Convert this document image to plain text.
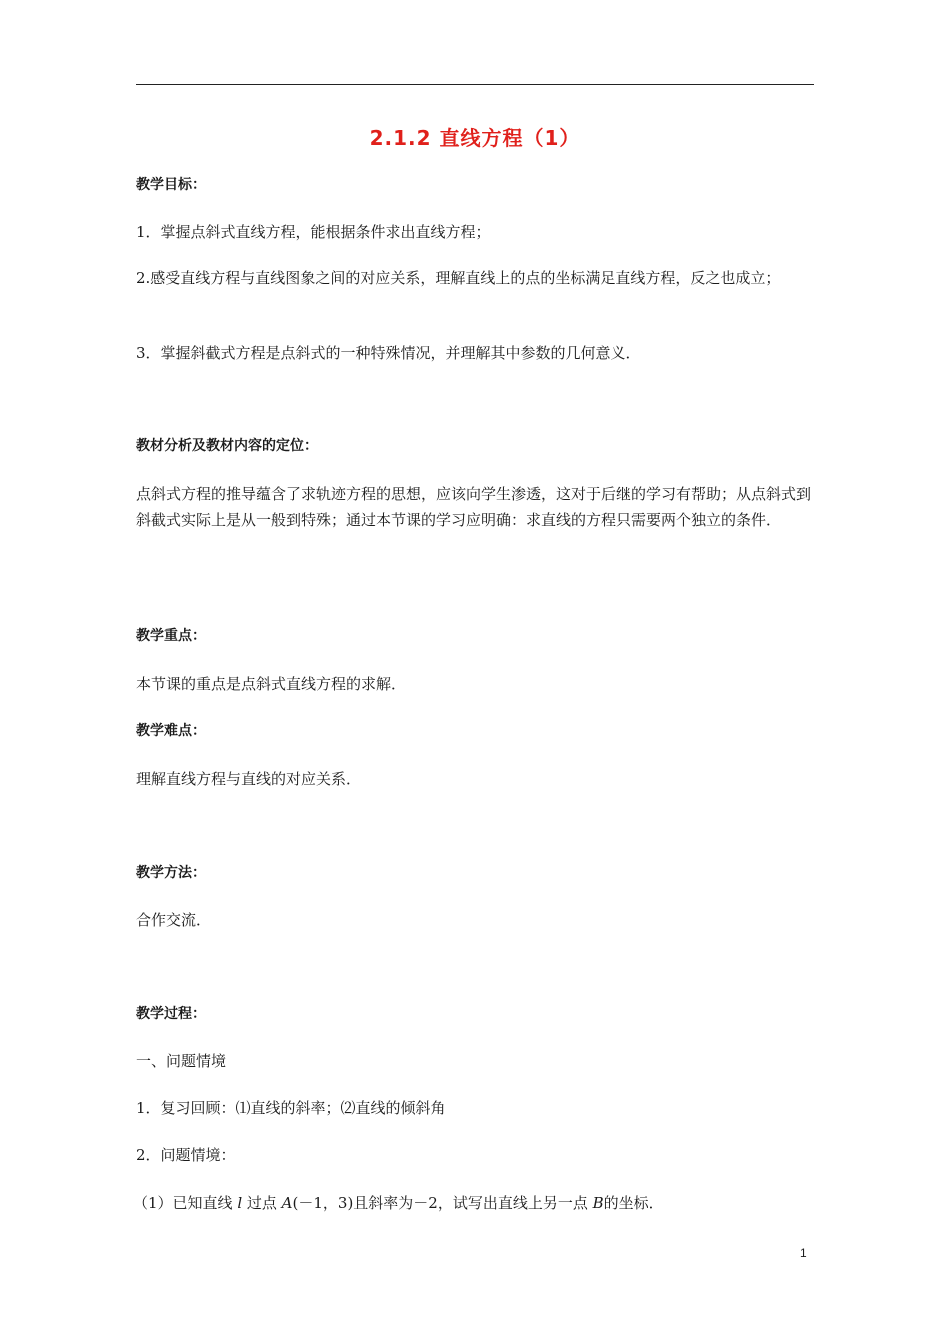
2.1.2 直线方程（1）
教学目标：
1．掌握点斜式直线方程，能根据条件求出直线方程；
2.感受直线方程与直线图象之间的对应关系，理解直线上的点的坐标满足直线方程，反之也成立；
3．掌握斜截式方程是点斜式的一种特殊情况，并理解其中参数的几何意义．
教材分析及教材内容的定位：
点斜式方程的推导蕴含了求轨迹方程的思想，应该向学生渗透，这对于后继的学习有帮助；从点斜式到斜截式实际上是从一般到特殊；通过本节课的学习应明确：求直线的方程只需要两个独立的条件．
教学重点：
本节课的重点是点斜式直线方程的求解．
教学难点：
理解直线方程与直线的对应关系．
教学方法：
合作交流．
教学过程：
一、问题情境
1．复习回顾：⑴直线的斜率；⑵直线的倾斜角
2．问题情境：
（1）已知直线 l 过点 A(－1，3)且斜率为－2，试写出直线上另一点 B的坐标．
1
